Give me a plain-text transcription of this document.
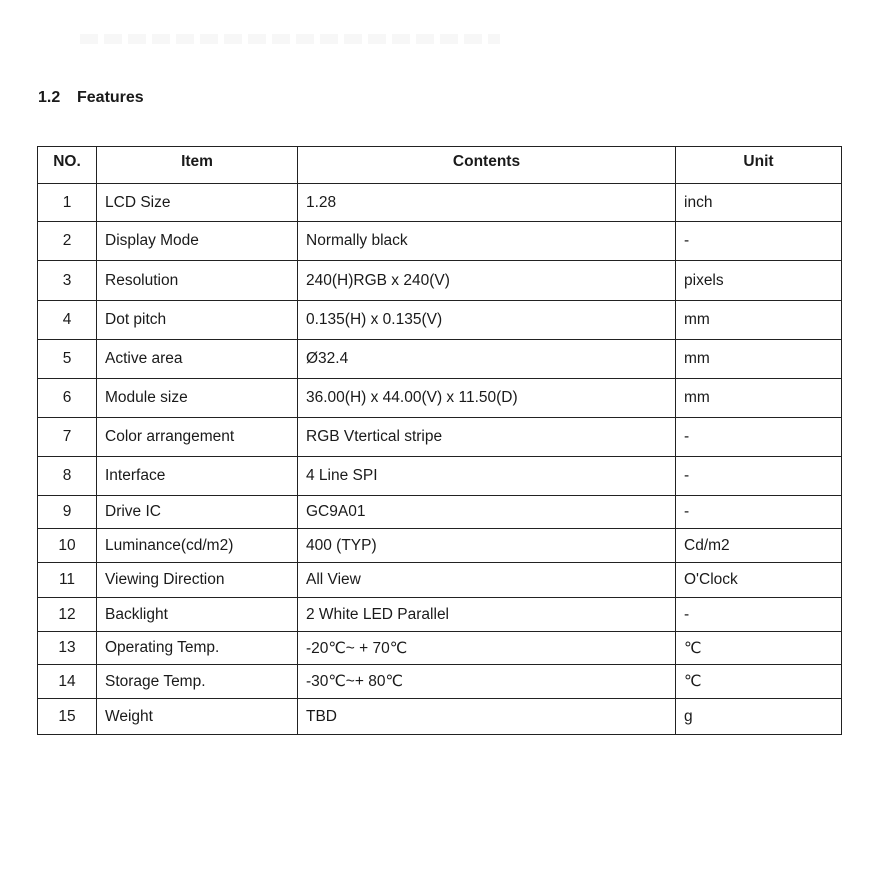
1.2 Features
NO.	Item	Contents	Unit
1	LCD Size	1.28	inch
2	Display Mode	Normally black	-
3	Resolution	240(H)RGB x 240(V)	pixels
4	Dot pitch	0.135(H) x 0.135(V)	mm
5	Active area	Ø32.4	mm
6	Module size	36.00(H) x 44.00(V) x 11.50(D)	mm
7	Color arrangement	RGB Vtertical stripe	-
8	Interface	4 Line SPI	-
9	Drive IC	GC9A01	-
10	Luminance(cd/m2)	400 (TYP)	Cd/m2
11	Viewing Direction	All View	O'Clock
12	Backlight	2 White LED Parallel	-
13	Operating Temp.	-20℃~ + 70℃	℃
14	Storage Temp.	-30℃~+ 80℃	℃
15	Weight	TBD	g
